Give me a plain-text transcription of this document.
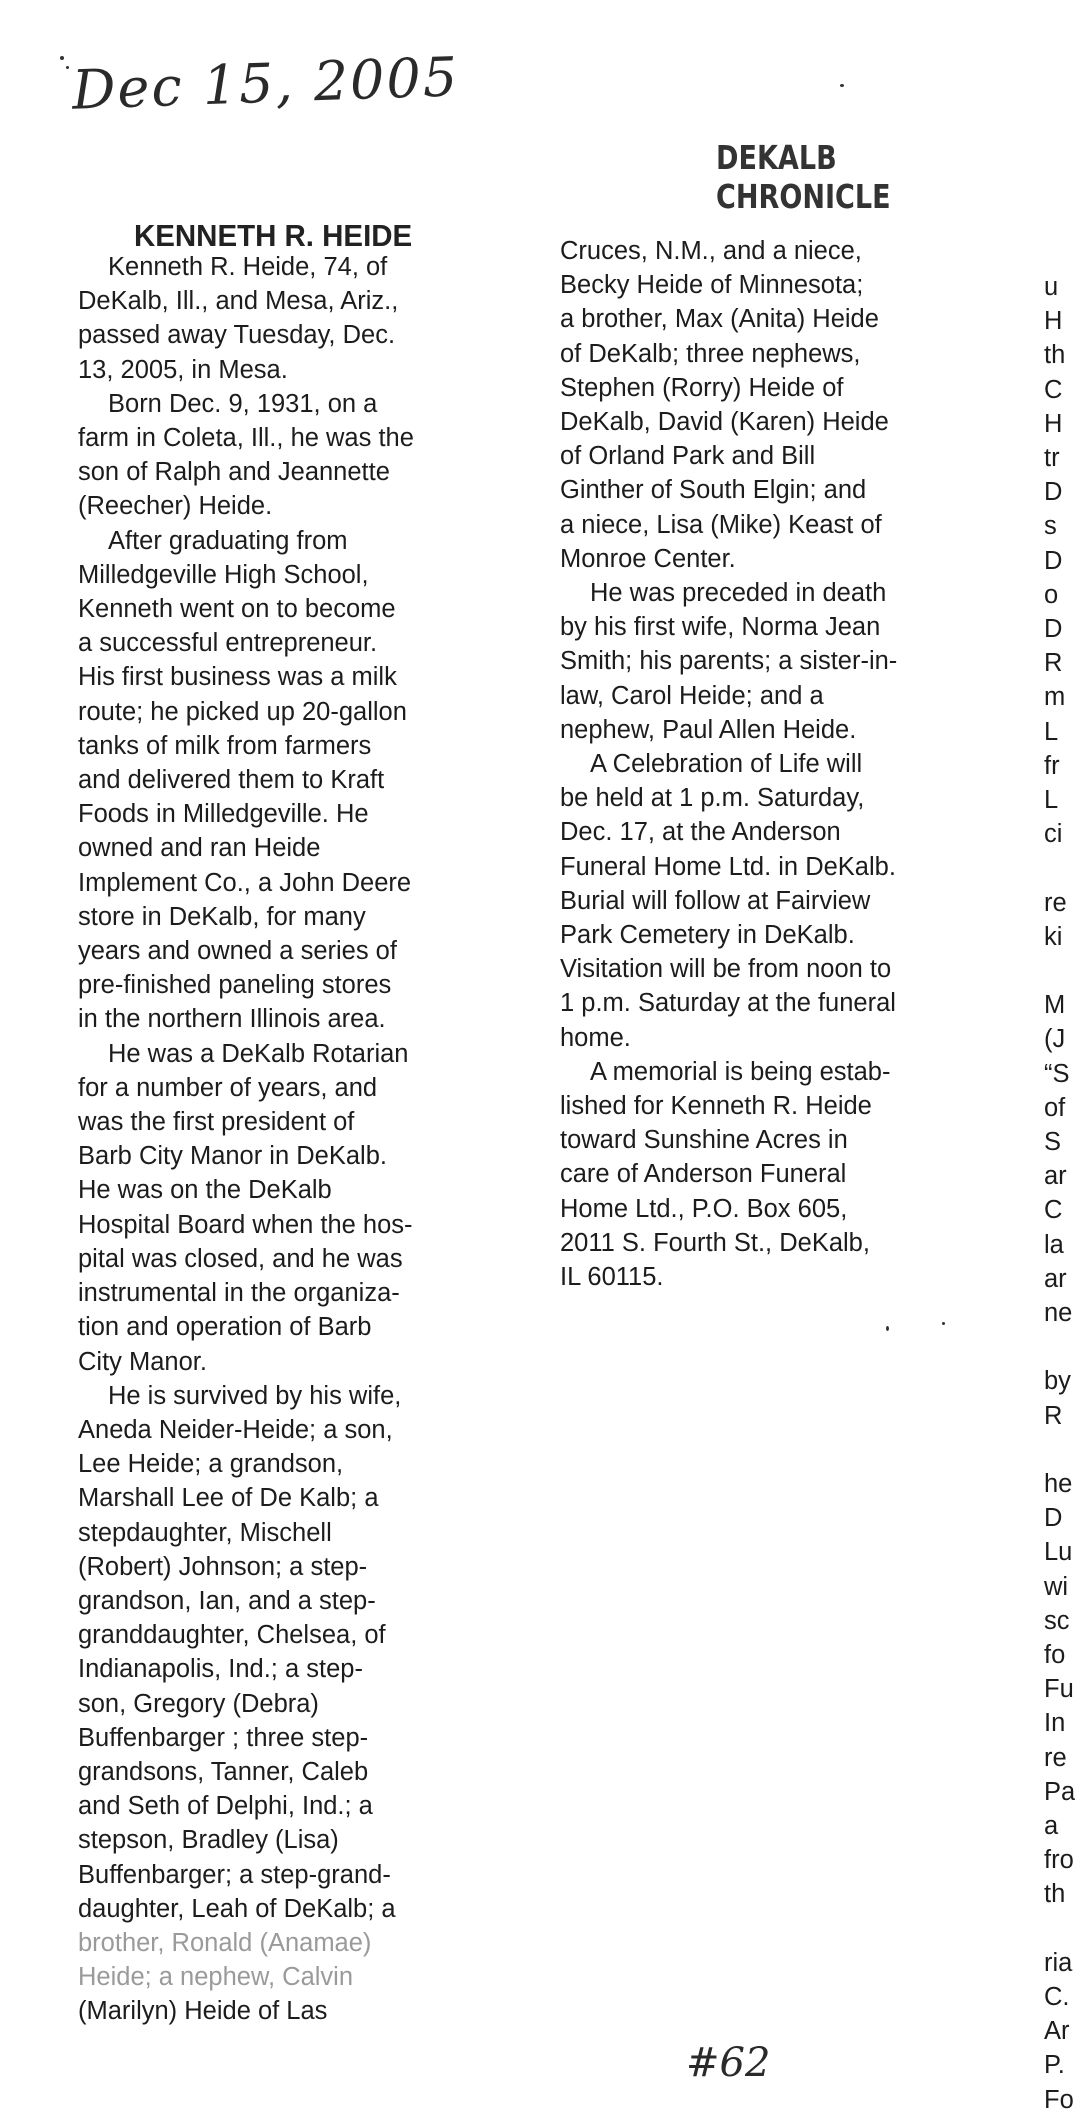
Dec 15, 2005
DEKALB CHRONICLE
KENNETH R. HEIDE
Kenneth R. Heide, 74, of
DeKalb, Ill., and Mesa, Ariz.,
passed away Tuesday, Dec.
13, 2005, in Mesa.
Born Dec. 9, 1931, on a
farm in Coleta, Ill., he was the
son of Ralph and Jeannette
(Reecher) Heide.
After graduating from
Milledgeville High School,
Kenneth went on to become
a successful entrepreneur.
His first business was a milk
route; he picked up 20-gallon
tanks of milk from farmers
and delivered them to Kraft
Foods in Milledgeville. He
owned and ran Heide
Implement Co., a John Deere
store in DeKalb, for many
years and owned a series of
pre-finished paneling stores
in the northern Illinois area.
He was a DeKalb Rotarian
for a number of years, and
was the first president of
Barb City Manor in DeKalb.
He was on the DeKalb
Hospital Board when the hos-
pital was closed, and he was
instrumental in the organiza-
tion and operation of Barb
City Manor.
He is survived by his wife,
Aneda Neider-Heide; a son,
Lee Heide; a grandson,
Marshall Lee of De Kalb; a
stepdaughter, Mischell
(Robert) Johnson; a step-
grandson, Ian, and a step-
granddaughter, Chelsea, of
Indianapolis, Ind.; a step-
son, Gregory (Debra)
Buffenbarger ; three step-
grandsons, Tanner, Caleb
and Seth of Delphi, Ind.; a
stepson, Bradley (Lisa)
Buffenbarger; a step-grand-
daughter, Leah of DeKalb; a
brother, Ronald (Anamae)
Heide; a nephew, Calvin
(Marilyn) Heide of Las
Cruces, N.M., and a niece,
Becky Heide of Minnesota;
a brother, Max (Anita) Heide
of DeKalb; three nephews,
Stephen (Rorry) Heide of
DeKalb, David (Karen) Heide
of Orland Park and Bill
Ginther of South Elgin; and
a niece, Lisa (Mike) Keast of
Monroe Center.
He was preceded in death
by his first wife, Norma Jean
Smith; his parents; a sister-in-
law, Carol Heide; and a
nephew, Paul Allen Heide.
A Celebration of Life will
be held at 1 p.m. Saturday,
Dec. 17, at the Anderson
Funeral Home Ltd. in DeKalb.
Burial will follow at Fairview
Park Cemetery in DeKalb.
Visitation will be from noon to
1 p.m. Saturday at the funeral
home.
A memorial is being estab-
lished for Kenneth R. Heide
toward Sunshine Acres in
care of Anderson Funeral
Home Ltd., P.O. Box 605,
2011 S. Fourth St., DeKalb,
IL 60115.
u
H
th
C
H
tr
D
s
D
o
D
R
m
L
fr
L
ci
re
ki
M
(J
“S
of
S
ar
C
la
ar
ne
by
R
he
D
Lu
wi
sc
fo
Fu
In
re
Pa
a
fro
th
ria
C.
Ar
P.
Fo
#62
